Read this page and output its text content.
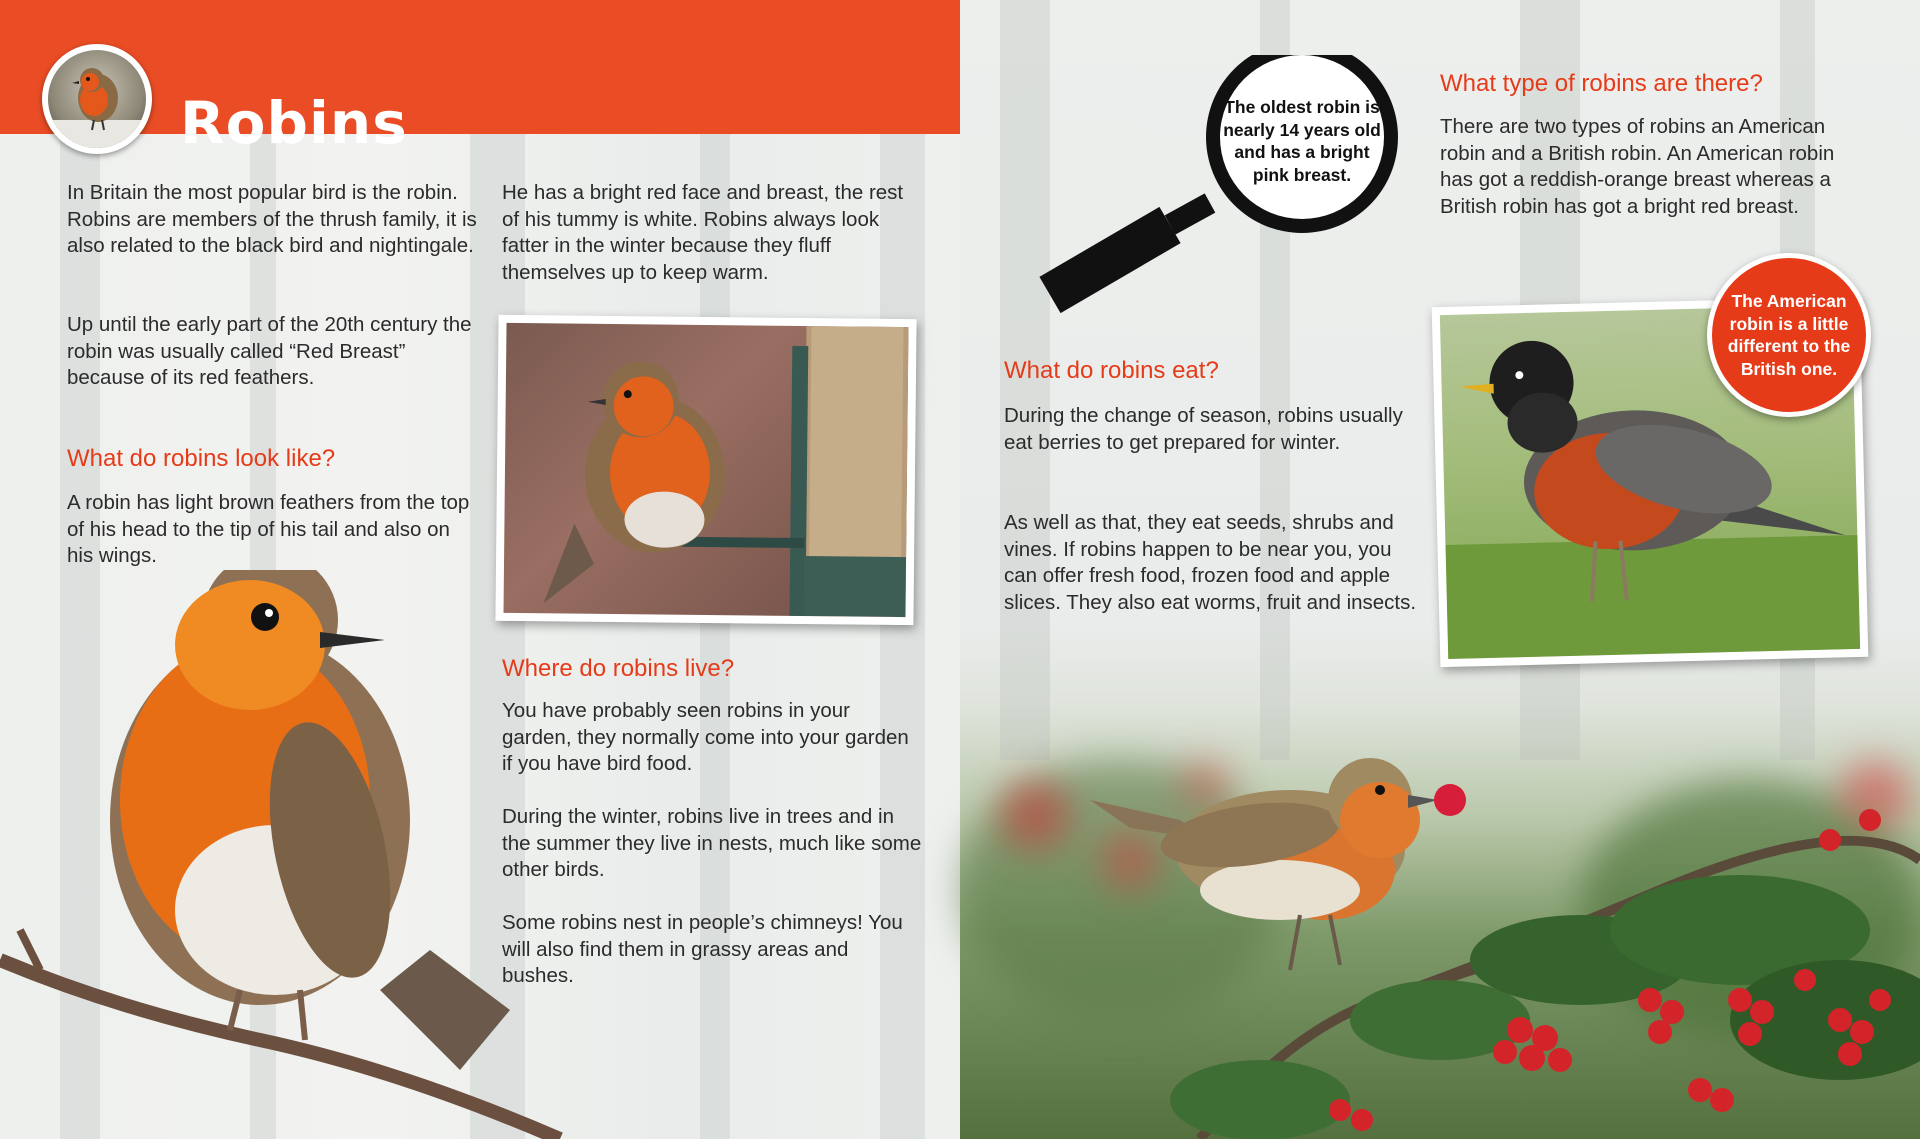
Robins

In Britain the most popular bird is the robin. Robins are members of the thrush family, it is also related to the black bird and nightingale.

Up until the early part of the 20th century the robin was usually called “Red Breast” because of its red feathers.

What do robins look like?

A robin has light brown feathers from the top of his head to the tip of his tail and also on his wings.

He has a bright red face and breast, the rest of his tummy is white. Robins always look fatter in the winter because they fluff themselves up to keep warm.

Where do robins live?

You have probably seen robins in your garden, they normally come into your garden if you have bird food.

During the winter, robins live in trees and in the summer they live in nests, much like some other birds.

Some robins nest in people’s chimneys! You will also find them in grassy areas and bushes.

The oldest robin is nearly 14 years old and has a bright pink breast.
What type of robins are there?

There are two types of robins an American robin and a British robin. An American robin has got a reddish-orange breast whereas a British robin has got a bright red breast.

What do robins eat?

During the change of season, robins usually eat berries to get prepared for winter.

As well as that, they eat seeds, shrubs and vines. If robins happen to be near you, you can offer fresh food, frozen food and apple slices. They also eat worms, fruit and insects.

The American robin is a little different to the British one.
